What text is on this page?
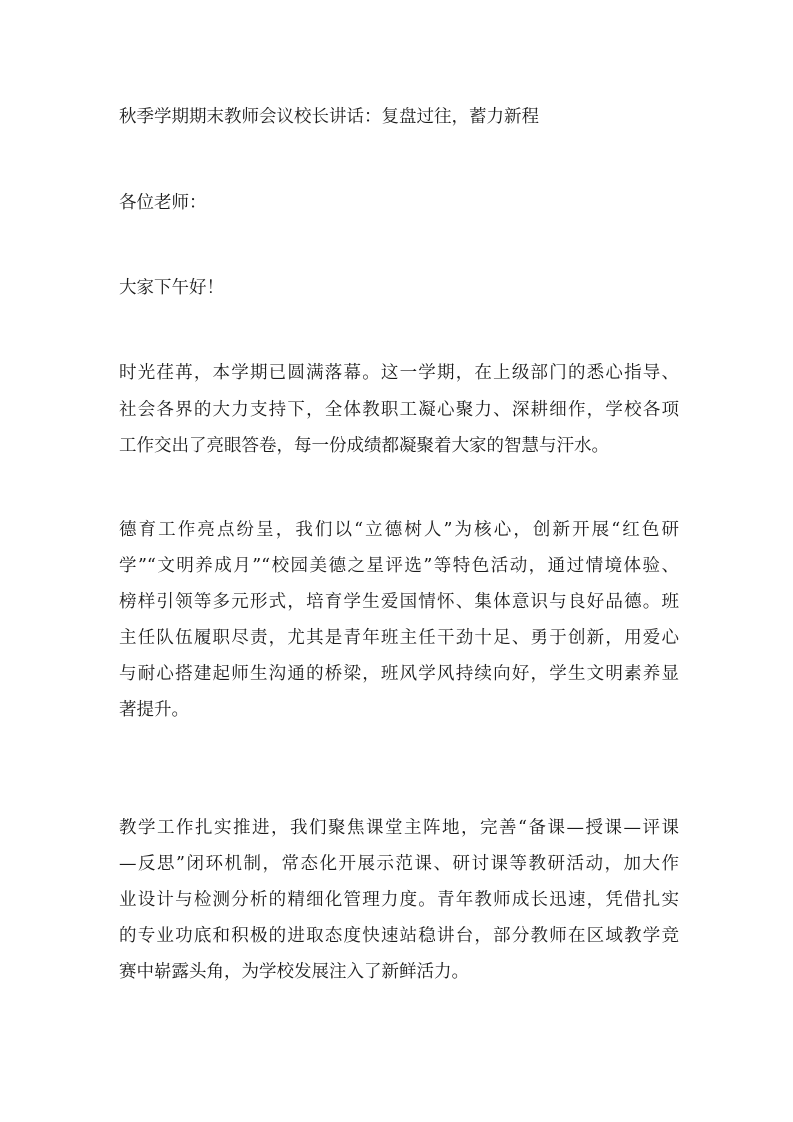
秋季学期期末教师会议校长讲话：复盘过往，蓄力新程
各位老师：
大家下午好！
时光荏苒，本学期已圆满落幕。这一学期，在上级部门的悉心指导、
社会各界的大力支持下，全体教职工凝心聚力、深耕细作，学校各项
工作交出了亮眼答卷，每一份成绩都凝聚着大家的智慧与汗水。
德育工作亮点纷呈，我们以“立德树人”为核心，创新开展“红色研
学”“文明养成月”“校园美德之星评选”等特色活动，通过情境体验、
榜样引领等多元形式，培育学生爱国情怀、集体意识与良好品德。班
主任队伍履职尽责，尤其是青年班主任干劲十足、勇于创新，用爱心
与耐心搭建起师生沟通的桥梁，班风学风持续向好，学生文明素养显
著提升。
教学工作扎实推进，我们聚焦课堂主阵地，完善“备课—授课—评课
—反思”闭环机制，常态化开展示范课、研讨课等教研活动，加大作
业设计与检测分析的精细化管理力度。青年教师成长迅速，凭借扎实
的专业功底和积极的进取态度快速站稳讲台，部分教师在区域教学竞
赛中崭露头角，为学校发展注入了新鲜活力。
